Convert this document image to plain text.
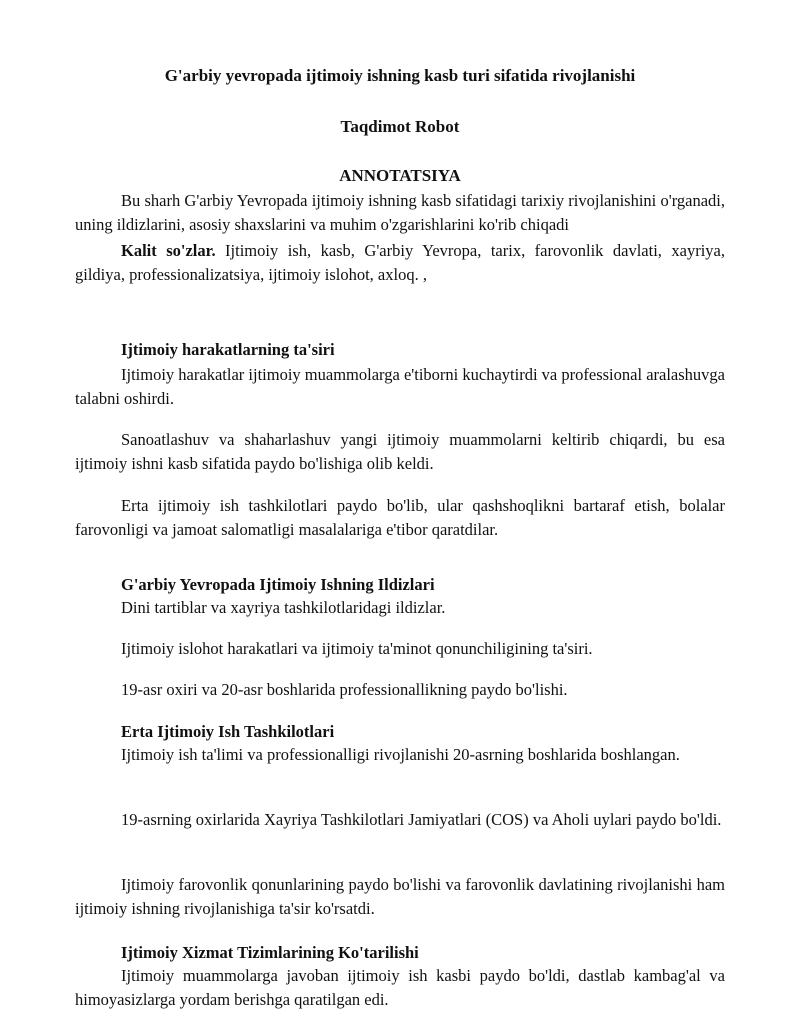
G'arbiy yevropada ijtimoiy ishning kasb turi sifatida rivojlanishi
Taqdimot Robot
ANNOTATSIYA

Bu sharh G'arbiy Yevropada ijtimoiy ishning kasb sifatidagi tarixiy rivojlanishini o'rganadi, uning ildizlarini, asosiy shaxslarini va muhim o'zgarishlarini ko'rib chiqadi

Kalit so'zlar. Ijtimoiy ish, kasb, G'arbiy Yevropa, tarix, farovonlik davlati, xayriya, gildiya, professionalizatsiya, ijtimoiy islohot, axloq. ,

Ijtimoiy harakatlarning ta'siri

Ijtimoiy harakatlar ijtimoiy muammolarga e'tiborni kuchaytirdi va professional aralashuvga talabni oshirdi.

Sanoatlashuv va shaharlashuv yangi ijtimoiy muammolarni keltirib chiqardi, bu esa ijtimoiy ishni kasb sifatida paydo bo'lishiga olib keldi.

Erta ijtimoiy ish tashkilotlari paydo bo'lib, ular qashshoqlikni bartaraf etish, bolalar farovonligi va jamoat salomatligi masalalariga e'tibor qaratdilar.

G'arbiy Yevropada Ijtimoiy Ishning Ildizlari

Dini tartiblar va xayriya tashkilotlaridagi ildizlar.

Ijtimoiy islohot harakatlari va ijtimoiy ta'minot qonunchiligining ta'siri.

19-asr oxiri va 20-asr boshlarida professionallikning paydo bo'lishi.

Erta Ijtimoiy Ish Tashkilotlari

Ijtimoiy ish ta'limi va professionalligi rivojlanishi 20-asrning boshlarida boshlangan.

19-asrning oxirlarida Xayriya Tashkilotlari Jamiyatlari (COS) va Aholi uylari paydo bo'ldi.

Ijtimoiy farovonlik qonunlarining paydo bo'lishi va farovonlik davlatining rivojlanishi ham ijtimoiy ishning rivojlanishiga ta'sir ko'rsatdi.

Ijtimoiy Xizmat Tizimlarining Ko'tarilishi

Ijtimoiy muammolarga javoban ijtimoiy ish kasbi paydo bo'ldi, dastlab kambag'al va himoyasizlarga yordam berishga qaratilgan edi.
